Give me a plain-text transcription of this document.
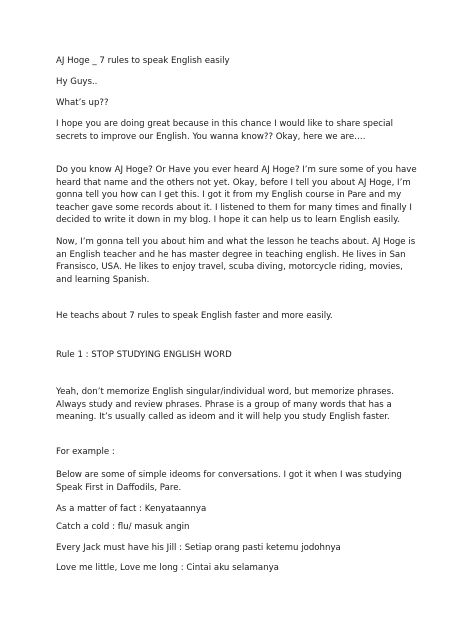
AJ Hoge _ 7 rules to speak English easily

Hy Guys..

What’s up??

I hope you are doing great because in this chance I would like to share special
secrets to improve our English. You wanna know?? Okay, here we are….

Do you know AJ Hoge? Or Have you ever heard AJ Hoge? I’m sure some of you have
heard that name and the others not yet. Okay, before I tell you about AJ Hoge, I’m
gonna tell you how can I get this. I got it from my English course in Pare and my
teacher gave some records about it. I listened to them for many times and finally I
decided to write it down in my blog. I hope it can help us to learn English easily.

Now, I’m gonna tell you about him and what the lesson he teachs about. AJ Hoge is
an English teacher and he has master degree in teaching english. He lives in San
Fransisco, USA. He likes to enjoy travel, scuba diving, motorcycle riding, movies,
and learning Spanish.

He teachs about 7 rules to speak English faster and more easily.

Rule 1 : STOP STUDYING ENGLISH WORD

Yeah, don’t memorize English singular/individual word, but memorize phrases.
Always study and review phrases. Phrase is a group of many words that has a
meaning. It’s usually called as ideom and it will help you study English faster.

For example :

Below are some of simple ideoms for conversations. I got it when I was studying
Speak First in Daffodils, Pare.

As a matter of fact : Kenyataannya

Catch a cold : flu/ masuk angin

Every Jack must have his Jill : Setiap orang pasti ketemu jodohnya

Love me little, Love me long : Cintai aku selamanya
